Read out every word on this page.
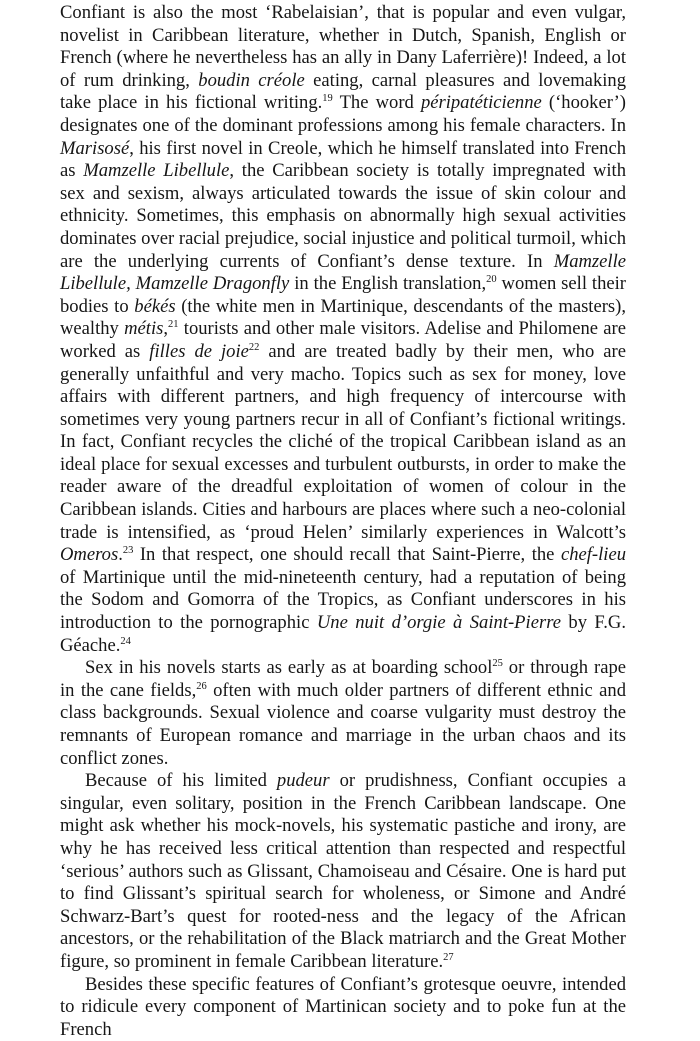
Confiant is also the most ‘Rabelaisian’, that is popular and even vulgar, novelist in Caribbean literature, whether in Dutch, Spanish, English or French (where he nevertheless has an ally in Dany Laferrière)! Indeed, a lot of rum drinking, boudin créole eating, carnal pleasures and lovemaking take place in his fictional writing.$^{19}$ The word péripatéticienne (‘hooker’) designates one of the dominant professions among his female characters. In Marisosé, his first novel in Creole, which he himself translated into French as Mamzelle Libellule, the Caribbean society is totally impregnated with sex and sexism, always articulated towards the issue of skin colour and ethnicity. Sometimes, this emphasis on abnormally high sexual activities dominates over racial prejudice, social injustice and political turmoil, which are the underlying currents of Confiant’s dense texture. In Mamzelle Libellule, Mamzelle Dragonfly in the English translation,$^{20}$ women sell their bodies to békés (the white men in Martinique, descendants of the masters), wealthy métis,$^{21}$ tourists and other male visitors. Adelise and Philomene are worked as filles de joie$^{22}$ and are treated badly by their men, who are generally unfaithful and very macho. Topics such as sex for money, love affairs with different partners, and high frequency of intercourse with sometimes very young partners recur in all of Confiant’s fictional writings. In fact, Confiant recycles the cliché of the tropical Caribbean island as an ideal place for sexual excesses and turbulent outbursts, in order to make the reader aware of the dreadful exploitation of women of colour in the Caribbean islands. Cities and harbours are places where such a neo-colonial trade is intensified, as ‘proud Helen’ similarly experiences in Walcott’s Omeros.$^{23}$ In that respect, one should recall that Saint-Pierre, the chef-lieu of Martinique until the mid-nineteenth century, had a reputation of being the Sodom and Gomorra of the Tropics, as Confiant underscores in his introduction to the pornographic Une nuit d’orgie à Saint-Pierre by F.G. Géache.$^{24}$

Sex in his novels starts as early as at boarding school$^{25}$ or through rape in the cane fields,$^{26}$ often with much older partners of different ethnic and class backgrounds. Sexual violence and coarse vulgarity must destroy the remnants of European romance and marriage in the urban chaos and its conflict zones.

Because of his limited pudeur or prudishness, Confiant occupies a singular, even solitary, position in the French Caribbean landscape. One might ask whether his mock-novels, his systematic pastiche and irony, are why he has received less critical attention than respected and respectful ‘serious’ authors such as Glissant, Chamoiseau and Césaire. One is hard put to find Glissant’s spiritual search for wholeness, or Simone and André Schwarz-Bart’s quest for rooted-ness and the legacy of the African ancestors, or the rehabilitation of the Black matriarch and the Great Mother figure, so prominent in female Caribbean literature.$^{27}$

Besides these specific features of Confiant’s grotesque oeuvre, intended to ridicule every component of Martinican society and to poke fun at the French
